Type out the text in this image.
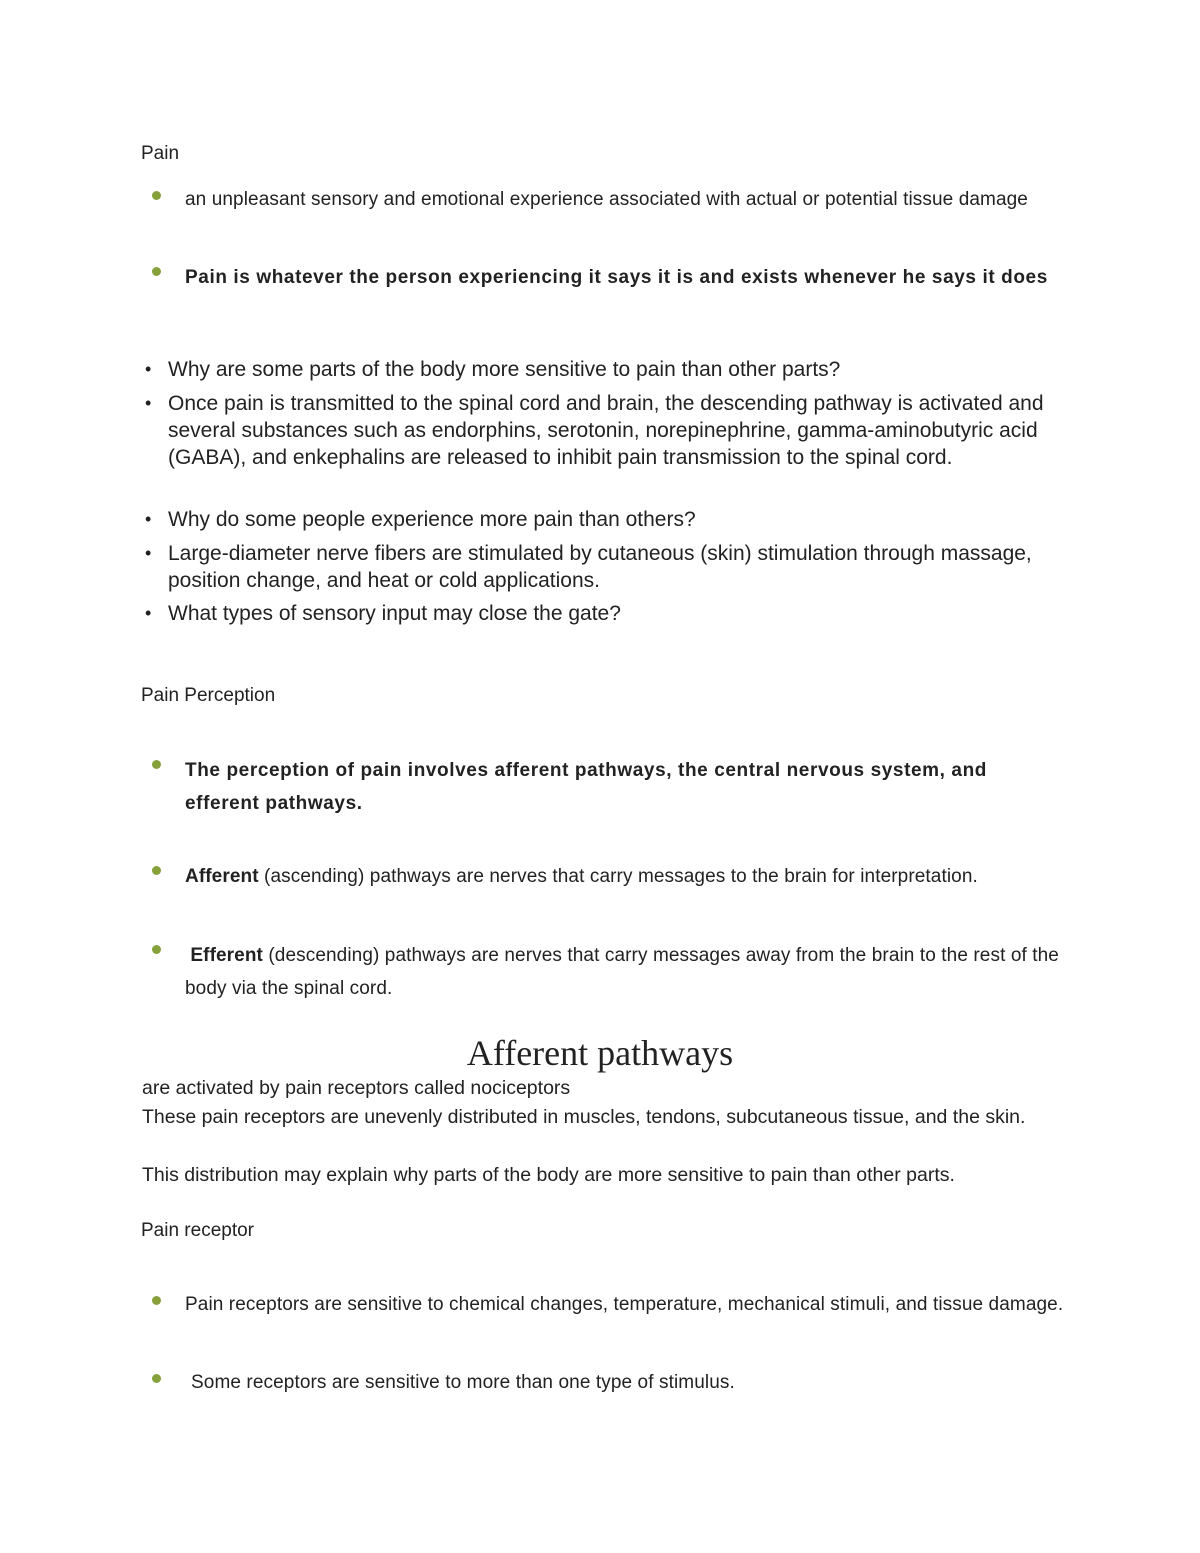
Pain
an unpleasant sensory and emotional experience associated with actual or potential tissue damage
Pain is whatever the person experiencing it says it is and exists whenever he says it does
• Why are some parts of the body more sensitive to pain than other parts?
• Once pain is transmitted to the spinal cord and brain, the descending pathway is activated and several substances such as endorphins, serotonin, norepinephrine, gamma-aminobutyric acid (GABA), and enkephalins are released to inhibit pain transmission to the spinal cord.
• Why do some people experience more pain than others?
• Large-diameter nerve fibers are stimulated by cutaneous (skin) stimulation through massage, position change, and heat or cold applications.
• What types of sensory input may close the gate?
Pain Perception
The perception of pain involves afferent pathways, the central nervous system, and efferent pathways.
Afferent (ascending) pathways are nerves that carry messages to the brain for interpretation.
Efferent (descending) pathways are nerves that carry messages away from the brain to the rest of the body via the spinal cord.
Afferent pathways
are activated by pain receptors called nociceptors
These pain receptors are unevenly distributed in muscles, tendons, subcutaneous tissue, and the skin.
This distribution may explain why parts of the body are more sensitive to pain than other parts.
Pain receptor
Pain receptors are sensitive to chemical changes, temperature, mechanical stimuli, and tissue damage.
Some receptors are sensitive to more than one type of stimulus.
